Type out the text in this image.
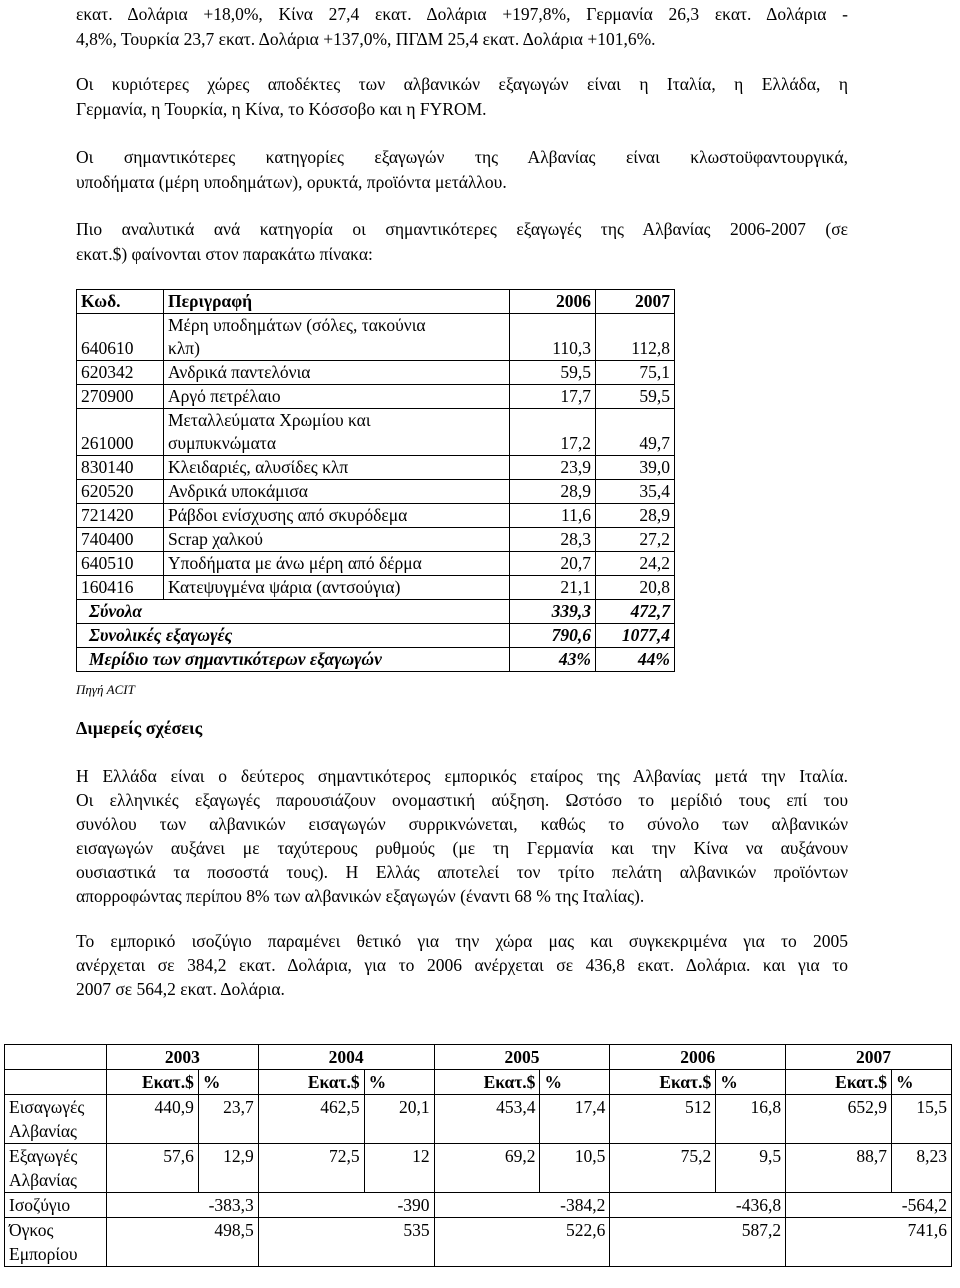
εκατ. Δολάρια +18,0%, Κίνα 27,4 εκατ. Δολάρια +197,8%, Γερμανία 26,3 εκατ. Δολάρια -
4,8%, Τουρκία 23,7 εκατ. Δολάρια +137,0%, ΠΓΔΜ 25,4 εκατ. Δολάρια +101,6%.
Οι κυριότερες χώρες αποδέκτες των αλβανικών εξαγωγών είναι η Ιταλία, η Ελλάδα, η
Γερμανία, η Τουρκία, η Κίνα, το Κόσσοβο και η FYROM.
Οι σημαντικότερες κατηγορίες εξαγωγών της Αλβανίας είναι κλωστοϋφαντουργικά,
υποδήματα (μέρη υποδημάτων), ορυκτά, προϊόντα μετάλλου.
Πιο αναλυτικά ανά κατηγορία οι σημαντικότερες εξαγωγές της Αλβανίας 2006-2007 (σε
εκατ.$) φαίνονται στον παρακάτω πίνακα:
Κωδ.	Περιγραφή	2006	2007
640610	Μέρη υποδημάτων (σόλες, τακούνια
κλπ)	110,3	112,8
620342	Ανδρικά παντελόνια	59,5	75,1
270900	Αργό πετρέλαιο	17,7	59,5
261000	Μεταλλεύματα Χρωμίου και
συμπυκνώματα	17,2	49,7
830140	Κλειδαριές, αλυσίδες κλπ	23,9	39,0
620520	Ανδρικά υποκάμισα	28,9	35,4
721420	Ράβδοι ενίσχυσης από σκυρόδεμα	11,6	28,9
740400	Scrap χαλκού	28,3	27,2
640510	Υποδήματα με άνω μέρη από δέρμα	20,7	24,2
160416	Κατεψυγμένα ψάρια (αντσούγια)	21,1	20,8
Σύνολα		339,3	472,7
Συνολικές εξαγωγές		790,6	1077,4
Μερίδιο των σημαντικότερων εξαγωγών		43%	44%
Πηγή ACIT
Διμερείς σχέσεις
Η Ελλάδα είναι ο δεύτερος σημαντικότερος εμπορικός εταίρος της Αλβανίας μετά την Ιταλία.
Οι ελληνικές εξαγωγές παρουσιάζουν ονομαστική αύξηση. Ωστόσο το μερίδιό τους επί του
συνόλου των αλβανικών εισαγωγών συρρικνώνεται, καθώς το σύνολο των αλβανικών
εισαγωγών αυξάνει με ταχύτερους ρυθμούς (με τη Γερμανία και την Κίνα να αυξάνουν
ουσιαστικά τα ποσοστά τους). Η Ελλάς αποτελεί τον τρίτο πελάτη αλβανικών προϊόντων
απορροφώντας περίπου 8% των αλβανικών εξαγωγών (έναντι 68 % της Ιταλίας).
Το εμπορικό ισοζύγιο παραμένει θετικό για την χώρα μας και συγκεκριμένα για το 2005
ανέρχεται σε 384,2 εκατ. Δολάρια, για το 2006 ανέρχεται σε 436,8 εκατ. Δολάρια. και για το
2007 σε 564,2 εκατ. Δολάρια.
	2003		2004		2005		2006		2007	
	Εκατ.$	%	Εκατ.$	%	Εκατ.$	%	Εκατ.$	%	Εκατ.$	%

Εισαγωγές
Αλβανίας	440,9	23,7	462,5	20,1	453,4	17,4	512	16,8	652,9	15,5

Εξαγωγές
Αλβανίας	57,6	12,9	72,5	12	69,2	10,5	75,2	9,5	88,7	8,23
Ισοζύγιο	-383,3		-390		-384,2		-436,8		-564,2	

Όγκος
Εμπορίου	498,5		535		522,6		587,2		741,6	
